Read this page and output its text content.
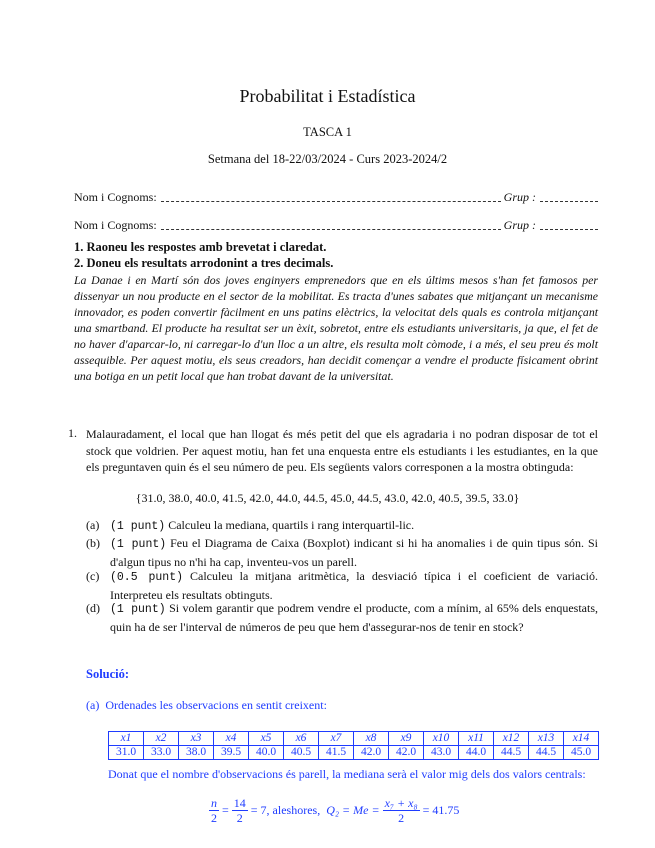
Probabilitat i Estadística
TASCA 1
Setmana del 18-22/03/2024 - Curs 2023-2024/2
Nom i Cognoms:	Grup :
Nom i Cognoms:	Grup :
1. Raoneu les respostes amb brevetat i claredat.
2. Doneu els resultats arrodonint a tres decimals.
La Danae i en Martí són dos joves enginyers emprenedors que en els últims mesos s'han fet famosos per dissenyar un nou producte en el sector de la mobilitat. Es tracta d'unes sabates que mitjançant un mecanisme innovador, es poden convertir fàcilment en uns patins elèctrics, la velocitat dels quals es controla mitjançant una smartband. El producte ha resultat ser un èxit, sobretot, entre els estudiants universitaris, ja que, el fet de no haver d'aparcar-lo, ni carregar-lo d'un lloc a un altre, els resulta molt còmode, i a més, el seu preu és molt assequible. Per aquest motiu, els seus creadors, han decidit començar a vendre el producte físicament obrint una botiga en un petit local que han trobat davant de la universitat.
1. Malauradament, el local que han llogat és més petit del que els agradaria i no podran disposar de tot el stock que voldrien. Per aquest motiu, han fet una enquesta entre els estudiants i les estudiantes, en la que els preguntaven quin és el seu número de peu. Els següents valors corresponen a la mostra obtinguda:
{31.0, 38.0, 40.0, 41.5, 42.0, 44.0, 44.5, 45.0, 44.5, 43.0, 42.0, 40.5, 39.5, 33.0}
(a) (1 punt) Calculeu la mediana, quartils i rang interquartil-lic.
(b) (1 punt) Feu el Diagrama de Caixa (Boxplot) indicant si hi ha anomalies i de quin tipus són. Si d'algun tipus no n'hi ha cap, inventeu-vos un parell.
(c) (0.5 punt) Calculeu la mitjana aritmètica, la desviació típica i el coeficient de variació. Interpreteu els resultats obtinguts.
(d) (1 punt) Si volem garantir que podrem vendre el producte, com a mínim, al 65% dels enquestats, quin ha de ser l'interval de números de peu que hem d'assegurar-nos de tenir en stock?
Solució:
(a) Ordenades les observacions en sentit creixent:
x1	x2	x3	x4	x5	x6	x7	x8	x9	x10	x11	x12	x13	x14
31.0	33.0	38.0	39.5	40.0	40.5	41.5	42.0	42.0	43.0	44.0	44.5	44.5	45.0
Donat que el nombre d'observacions és parell, la mediana serà el valor mig dels dos valors centrals:
$\frac{n}{2} = \frac{14}{2} = 7$, aleshores, $Q_2 = Me = \frac{\text{x₇ + x₈}}{2} = 41.75$
